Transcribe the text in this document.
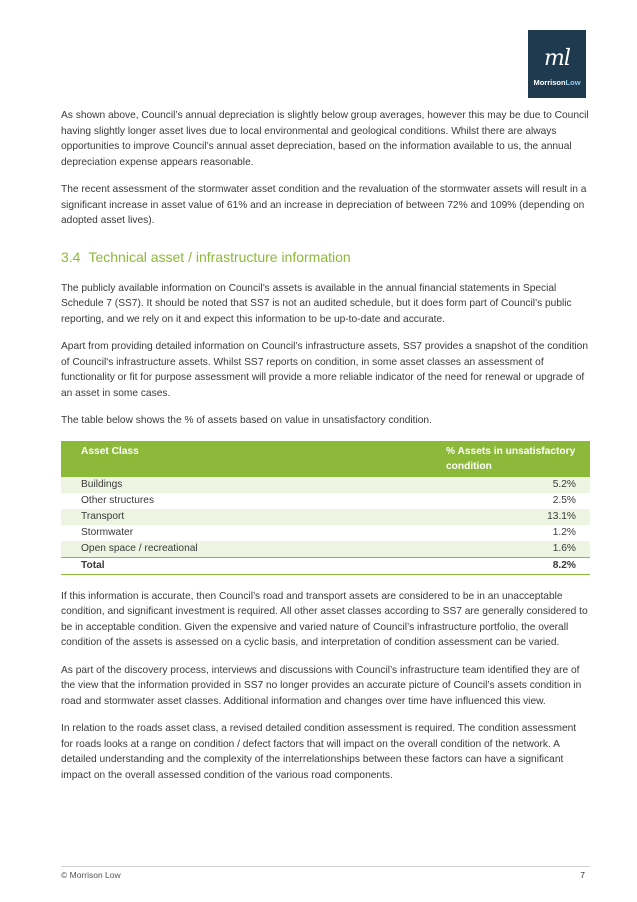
ml
MorrisonLow

As shown above, Council’s annual depreciation is slightly below group averages, however this may be due to Council having slightly longer asset lives due to local environmental and geological conditions. Whilst there are always opportunities to improve Council’s annual asset depreciation, based on the information available to us, the annual depreciation expense appears reasonable.

The recent assessment of the stormwater asset condition and the revaluation of the stormwater assets will result in a significant increase in asset value of 61% and an increase in depreciation of between 72% and 109% (depending on adopted asset lives).

3.4 Technical asset / infrastructure information

The publicly available information on Council’s assets is available in the annual financial statements in Special Schedule 7 (SS7). It should be noted that SS7 is not an audited schedule, but it does form part of Council’s public reporting, and we rely on it and expect this information to be up-to-date and accurate.

Apart from providing detailed information on Council’s infrastructure assets, SS7 provides a snapshot of the condition of Council's infrastructure assets. Whilst SS7 reports on condition, in some asset classes an assessment of functionality or fit for purpose assessment will provide a more reliable indicator of the need for renewal or upgrade of an asset in some cases.

The table below shows the % of assets based on value in unsatisfactory condition.

Asset Class	% Assets in unsatisfactory condition
Buildings	5.2%
Other structures	2.5%
Transport	13.1%
Stormwater	1.2%
Open space / recreational	1.6%
Total	8.2%

If this information is accurate, then Council’s road and transport assets are considered to be in an unacceptable condition, and significant investment is required. All other asset classes according to SS7 are generally considered to be in acceptable condition. Given the expensive and varied nature of Council’s infrastructure portfolio, the overall condition of the assets is assessed on a cyclic basis, and interpretation of condition assessment can be varied.

As part of the discovery process, interviews and discussions with Council’s infrastructure team identified they are of the view that the information provided in SS7 no longer provides an accurate picture of Council’s assets condition in road and stormwater asset classes. Additional information and changes over time have influenced this view.

In relation to the roads asset class, a revised detailed condition assessment is required. The condition assessment for roads looks at a range on condition / defect factors that will impact on the overall condition of the network. A detailed understanding and the complexity of the interrelationships between these factors can have a significant impact on the overall assessed condition of the various road components.

© Morrison Low	7
